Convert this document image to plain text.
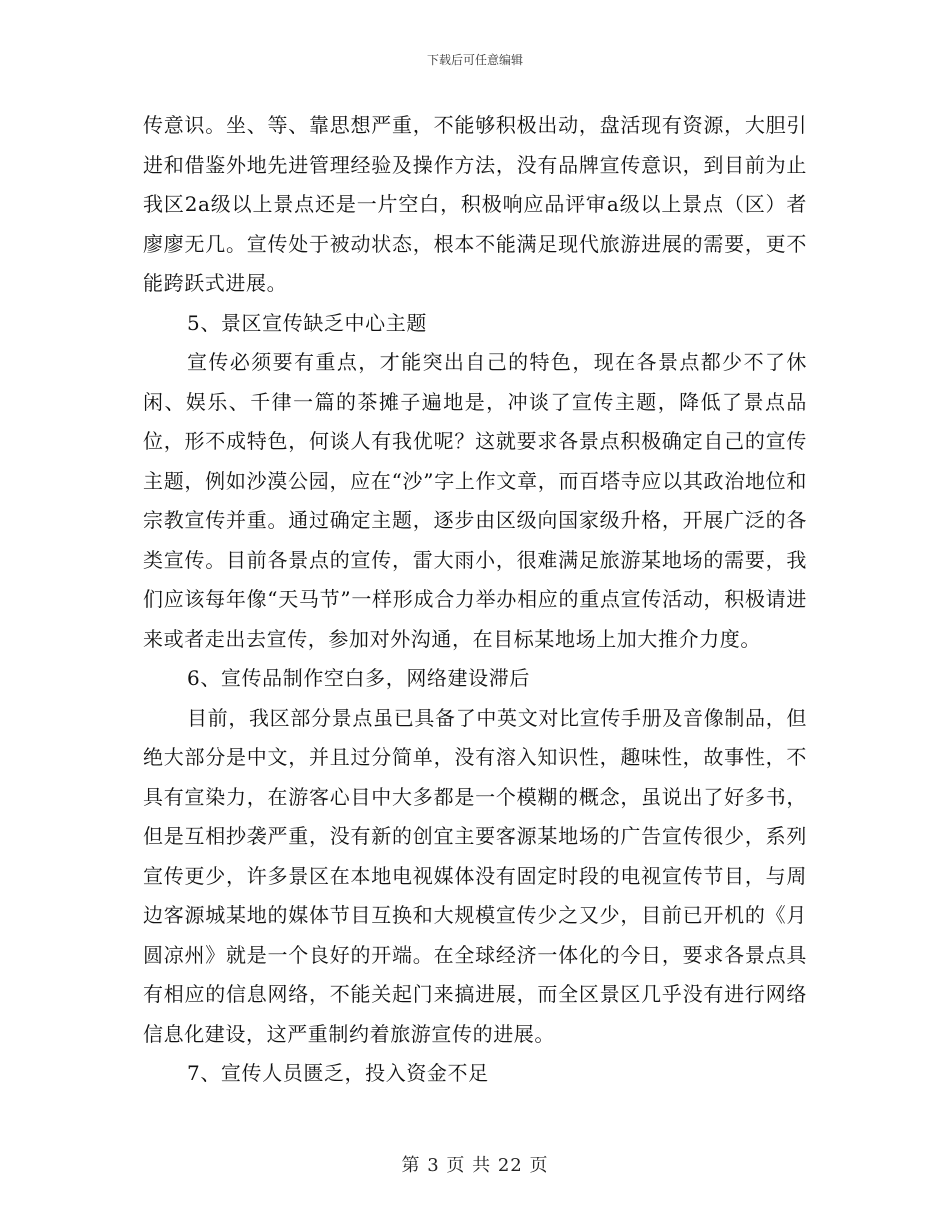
下载后可任意编辑

传意识。坐、等、靠思想严重，不能够积极出动，盘活现有资源，大胆引进和借鉴外地先进管理经验及操作方法，没有品牌宣传意识，到目前为止我区2a级以上景点还是一片空白，积极响应品评审a级以上景点（区）者廖廖无几。宣传处于被动状态，根本不能满足现代旅游进展的需要，更不能跨跃式进展。

5、景区宣传缺乏中心主题

宣传必须要有重点，才能突出自己的特色，现在各景点都少不了休闲、娱乐、千律一篇的茶摊子遍地是，冲谈了宣传主题，降低了景点品位，形不成特色，何谈人有我优呢？这就要求各景点积极确定自己的宣传主题，例如沙漠公园，应在“沙”字上作文章，而百塔寺应以其政治地位和宗教宣传并重。通过确定主题，逐步由区级向国家级升格，开展广泛的各类宣传。目前各景点的宣传，雷大雨小，很难满足旅游某地场的需要，我们应该每年像“天马节”一样形成合力举办相应的重点宣传活动，积极请进来或者走出去宣传，参加对外沟通，在目标某地场上加大推介力度。

6、宣传品制作空白多，网络建设滞后

目前，我区部分景点虽已具备了中英文对比宣传手册及音像制品，但绝大部分是中文，并且过分简单，没有溶入知识性，趣味性，故事性，不具有宣染力，在游客心目中大多都是一个模糊的概念，虽说出了好多书，但是互相抄袭严重，没有新的创宜主要客源某地场的广告宣传很少，系列宣传更少，许多景区在本地电视媒体没有固定时段的电视宣传节目，与周边客源城某地的媒体节目互换和大规模宣传少之又少，目前已开机的《月圆凉州》就是一个良好的开端。在全球经济一体化的今日，要求各景点具有相应的信息网络，不能关起门来搞进展，而全区景区几乎没有进行网络信息化建设，这严重制约着旅游宣传的进展。

7、宣传人员匮乏，投入资金不足

第 3 页 共 22 页
